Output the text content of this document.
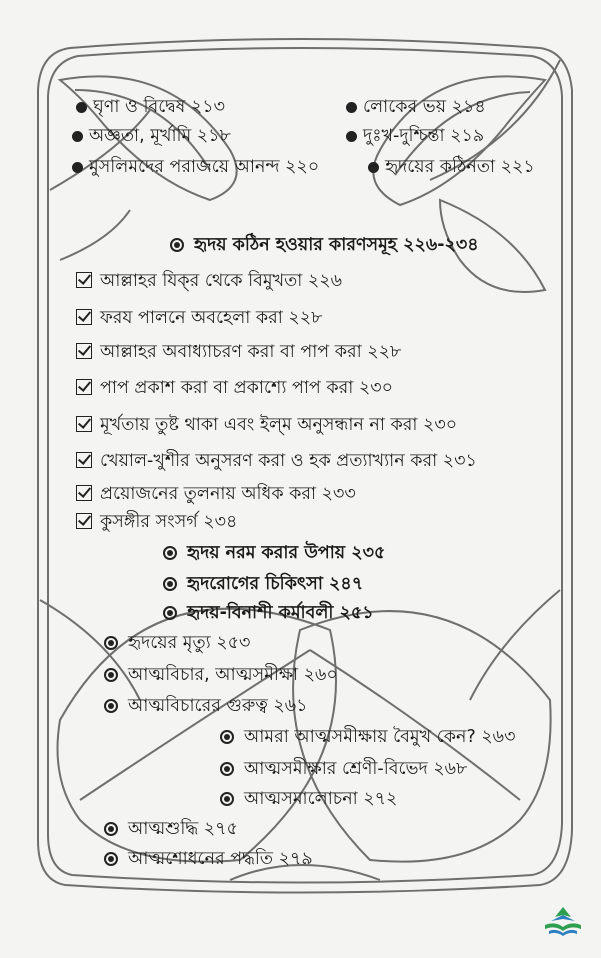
ঘৃণা ও বিদ্বেষ ২১৩	লোকের ভয় ২১৪
অজ্ঞতা, মূর্খামি ২১৮	দুঃখ-দুশ্চিন্তা ২১৯
মুসলিমদের পরাজয়ে আনন্দ ২২০	হৃদয়ের কঠিনতা ২২১
হৃদয় কঠিন হওয়ার কারণসমূহ ২২৬-২৩৪
আল্লাহর যিক্‌র থেকে বিমুখতা ২২৬
ফরয পালনে অবহেলা করা ২২৮
আল্লাহর অবাধ্যাচরণ করা বা পাপ করা ২২৮
পাপ প্রকাশ করা বা প্রকাশ্যে পাপ করা ২৩০
মূর্খতায় তুষ্ট থাকা এবং ইল্‌ম অনুসন্ধান না করা ২৩০
খেয়াল-খুশীর অনুসরণ করা ও হক প্রত্যাখ্যান করা ২৩১
প্রয়োজনের তুলনায় অধিক করা ২৩৩
কুসঙ্গীর সংসর্গ ২৩৪
হৃদয় নরম করার উপায় ২৩৫
হৃদরোগের চিকিৎসা ২৪৭
হৃদয়-বিনাশী কর্মাবলী ২৫১
হৃদয়ের মৃত্যু ২৫৩
আত্মবিচার, আত্মসমীক্ষা ২৬০
আত্মবিচারের গুরুত্ব ২৬১
আমরা আত্মসমীক্ষায় বৈমুখ কেন? ২৬৩
আত্মসমীক্ষার শ্রেণী-বিভেদ ২৬৮
আত্মসমালোচনা ২৭২
আত্মশুদ্ধি ২৭৫
আত্মশোধনের পদ্ধতি ২৭৯
